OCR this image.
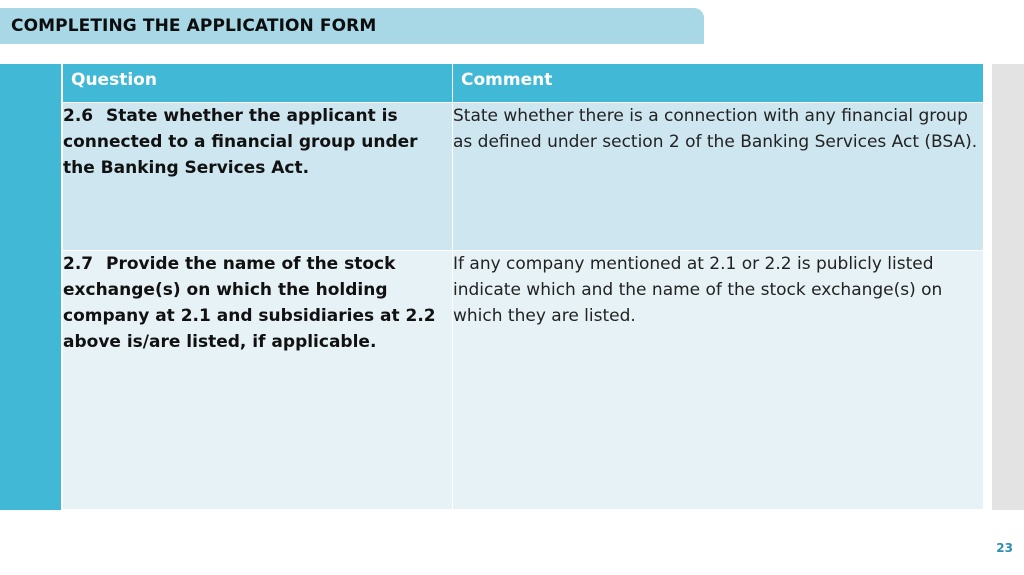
COMPLETING THE APPLICATION FORM
Question	Comment
2.6 State whether the applicant is connected to a financial group under the Banking Services Act.	State whether there is a connection with any financial group as defined under section 2 of the Banking Services Act (BSA).
2.7 Provide the name of the stock exchange(s) on which the holding company at 2.1 and subsidiaries at 2.2 above is/are listed, if applicable.	If any company mentioned at 2.1 or 2.2 is publicly listed indicate which and the name of the stock exchange(s) on which they are listed.
23
